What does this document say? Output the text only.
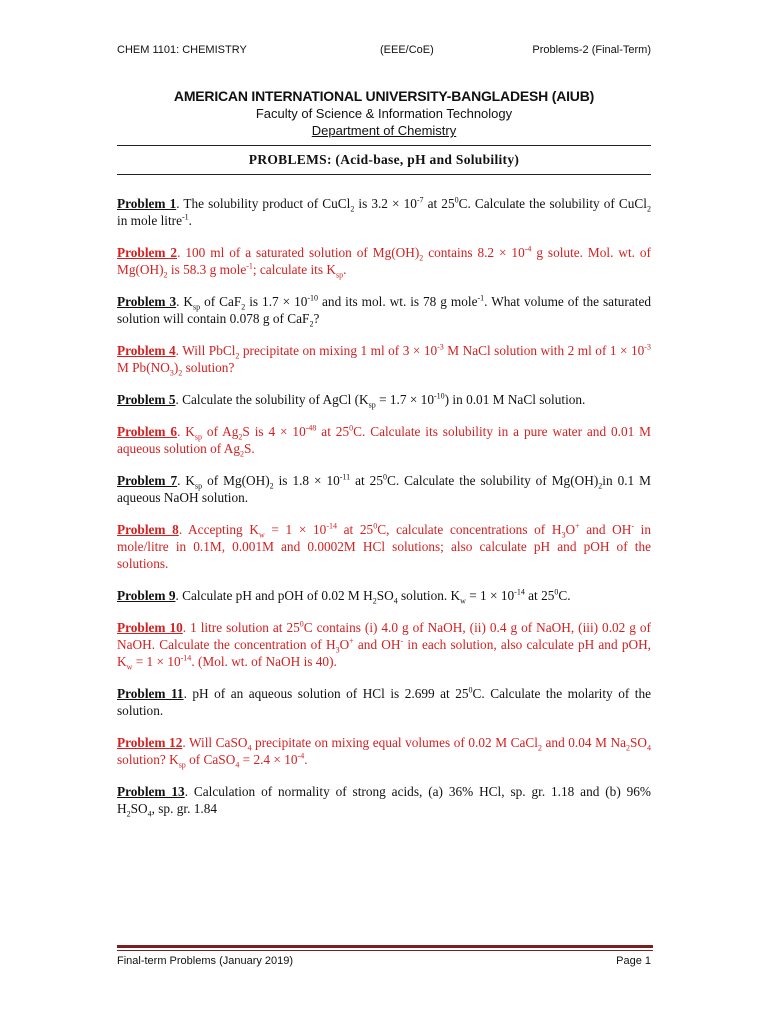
CHEM 1101: CHEMISTRY	(EEE/CoE)	Problems-2 (Final-Term)
AMERICAN INTERNATIONAL UNIVERSITY-BANGLADESH (AIUB)
Faculty of Science & Information Technology
Department of Chemistry
PROBLEMS: (Acid-base, pH and Solubility)

Problem 1. The solubility product of CuCl$_2$ is $3.2 \times 10^{-7}$ at $25^0C$. Calculate the solubility of CuCl$_2$ in mole litre$^{-1}$.

Problem 2. 100 ml of a saturated solution of $Mg(OH)_2$ contains $8.2 \times 10^{-4}$ g solute. Mol. wt. of $Mg(OH)_2$ is 58.3 g mole$^{-1}$; calculate its $K_{sp}$.

Problem 3. $K_{sp}$ of CaF$_2$ is $1.7 \times 10^{-10}$ and its mol. wt. is 78 g mole$^{-1}$. What volume of the saturated solution will contain 0.078 g of CaF$_2$?

Problem 4. Will PbCl$_2$ precipitate on mixing 1 ml of $3 \times 10^{-3}$ M NaCl solution with 2 ml of $1 \times 10^{-3}$ M $Pb(NO_3)_2$ solution?

Problem 5. Calculate the solubility of AgCl $(K_{sp} = 1.7 \times 10^{-10})$ in 0.01 M NaCl solution.

Problem 6. $K_{sp}$ of $Ag_2S$ is $4 \times 10^{-48}$ at $25^0C$. Calculate its solubility in a pure water and 0.01 M aqueous solution of $Ag_2S$.

Problem 7. $K_{sp}$ of $Mg(OH)_2$ is $1.8 \times 10^{-11}$ at $25^0C$. Calculate the solubility of $Mg(OH)_2in$ 0.1 M aqueous NaOH solution.

Problem 8. Accepting $K_w = 1 \times 10^{-14}$ at $25^0C$, calculate concentrations of $H_3O^+$ and OH- in mole/litre in 0.1M, 0.001M and 0.0002M HCl solutions; also calculate pH and pOH of the solutions.

Problem 9. Calculate pH and pOH of 0.02 M $H_2SO_4$ solution. $K_w = 1 \times 10^{-14}$ at $25^0C$.

Problem 10. 1 litre solution at $25^0C$ contains (i) 4.0 g of NaOH, (ii) 0.4 g of NaOH, (iii) 0.02 g of NaOH. Calculate the concentration of $H_3O^+$ and OH- in each solution, also calculate pH and pOH, $K_w = 1 \times 10^{-14}$. (Mol. wt. of NaOH is 40).

Problem 11. pH of an aqueous solution of HCl is 2.699 at $25^0C$. Calculate the molarity of the solution.

Problem 12. Will CaSO$_4$ precipitate on mixing equal volumes of 0.02 M CaCl$_2$ and 0.04 M $Na_2SO_4$ solution? $K_{sp}$ of CaSO$_4$ = $2.4 \times 10^{-4}$.

Problem 13. Calculation of normality of strong acids, (a) 36% HCl, sp. gr. 1.18 and (b) 96% $H_2SO_4$, sp. gr. 1.84

Final-term Problems (January 2019)	Page 1
